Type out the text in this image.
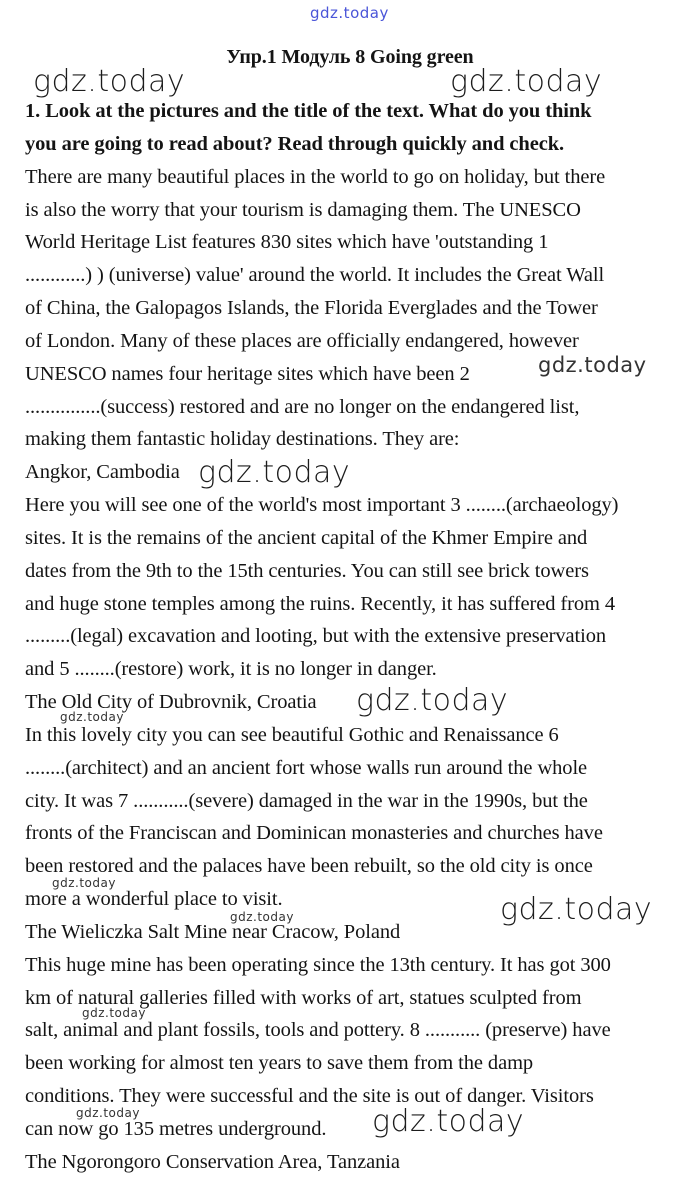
Упр.1 Модуль 8 Going green
1. Look at the pictures and the title of the text. What do you think
you are going to read about? Read through quickly and check.
There are many beautiful places in the world to go on holiday, but there
is also the worry that your tourism is damaging them. The UNESCO
World Heritage List features 830 sites which have 'outstanding 1
............) ) (universe) value' around the world. It includes the Great Wall
of China, the Galopagos Islands, the Florida Everglades and the Tower
of London. Many of these places are officially endangered, however
UNESCO names four heritage sites which have been 2
...............(success) restored and are no longer on the endangered list,
making them fantastic holiday destinations. They are:
Angkor, Cambodia
Here you will see one of the world's most important 3 ........(archaeology)
sites. It is the remains of the ancient capital of the Khmer Empire and
dates from the 9th to the 15th centuries. You can still see brick towers
and huge stone temples among the ruins. Recently, it has suffered from 4
.........(legal) excavation and looting, but with the extensive preservation
and 5 ........(restore) work, it is no longer in danger.
The Old City of Dubrovnik, Croatia
In this lovely city you can see beautiful Gothic and Renaissance 6
........(architect) and an ancient fort whose walls run around the whole
city. It was 7 ...........(severe) damaged in the war in the 1990s, but the
fronts of the Franciscan and Dominican monasteries and churches have
been restored and the palaces have been rebuilt, so the old city is once
more a wonderful place to visit.
The Wieliczka Salt Mine near Cracow, Poland
This huge mine has been operating since the 13th century. It has got 300
km of natural galleries filled with works of art, statues sculpted from
salt, animal and plant fossils, tools and pottery. 8 ........... (preserve) have
been working for almost ten years to save them from the damp
conditions. They were successful and the site is out of danger. Visitors
can now go 135 metres underground.
The Ngorongoro Conservation Area, Tanzania
gdz.today
gdz.today	gdz.today
gdz.today
gdz.today
gdz.today
gdz.today
gdz.today
gdz.today
gdz.today
gdz.today
gdz.today	gdz.today
